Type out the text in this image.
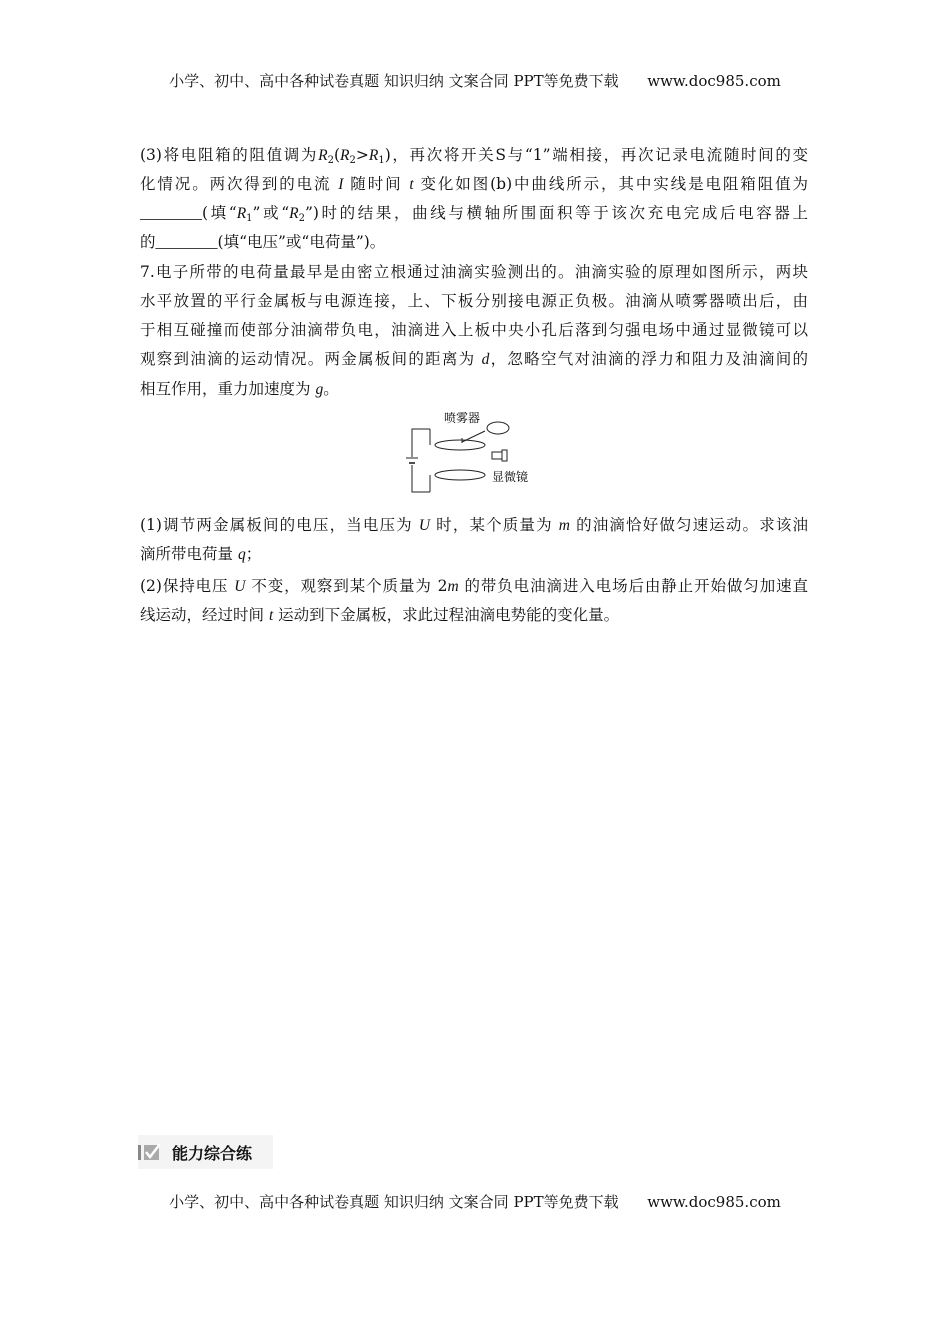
小学、初中、高中各种试卷真题 知识归纳 文案合同 PPT等免费下载 www.doc985.com
(3)将电阻箱的阻值调为$R_2(R_2>R_1)$，再次将开关S与“1”端相接，再次记录电流随时间的变
化情况。两次得到的电流 I 随时间 t 变化如图(b)中曲线所示，其中实线是电阻箱阻值为
________(填“$R_1$”或“$R_2$”)时的结果，曲线与横轴所围面积等于该次充电完成后电容器上
的________(填“电压”或“电荷量”)。
7.电子所带的电荷量最早是由密立根通过油滴实验测出的。油滴实验的原理如图所示，两块
水平放置的平行金属板与电源连接，上、下板分别接电源正负极。油滴从喷雾器喷出后，由
于相互碰撞而使部分油滴带负电，油滴进入上板中央小孔后落到匀强电场中通过显微镜可以
观察到油滴的运动情况。两金属板间的距离为 d，忽略空气对油滴的浮力和阻力及油滴间的
相互作用，重力加速度为 g。
(1)调节两金属板间的电压，当电压为 U 时，某个质量为 m 的油滴恰好做匀速运动。求该油
滴所带电荷量 q；
(2)保持电压 U 不变，观察到某个质量为 2m 的带负电油滴进入电场后由静止开始做匀加速直
线运动，经过时间 t 运动到下金属板，求此过程油滴电势能的变化量。
喷雾器
显微镜
能力综合练
小学、初中、高中各种试卷真题 知识归纳 文案合同 PPT等免费下载 www.doc985.com
